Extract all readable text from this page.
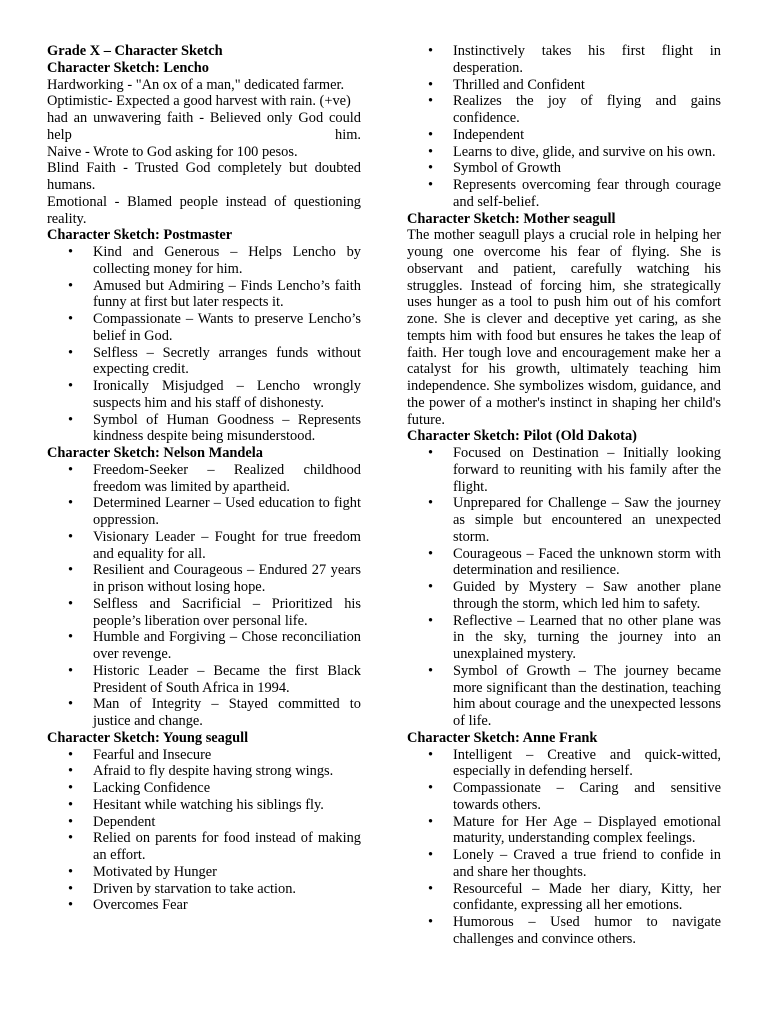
Grade X – Character Sketch

Character Sketch: Lencho

Hardworking - "An ox of a man," dedicated farmer.

Optimistic- Expected a good harvest with rain. (+ve)

had an unwavering faith - Believed only God could help him.

Naive - Wrote to God asking for 100 pesos.

Blind Faith - Trusted God completely but doubted humans.

Emotional - Blamed people instead of questioning reality.

Character Sketch: Postmaster

• Kind and Generous – Helps Lencho by collecting money for him.
• Amused but Admiring – Finds Lencho’s faith funny at first but later respects it.
• Compassionate – Wants to preserve Lencho’s belief in God.
• Selfless – Secretly arranges funds without expecting credit.
• Ironically Misjudged – Lencho wrongly suspects him and his staff of dishonesty.
• Symbol of Human Goodness – Represents kindness despite being misunderstood.

Character Sketch: Nelson Mandela

• Freedom-Seeker – Realized childhood freedom was limited by apartheid.
• Determined Learner – Used education to fight oppression.
• Visionary Leader – Fought for true freedom and equality for all.
• Resilient and Courageous – Endured 27 years in prison without losing hope.
• Selfless and Sacrificial – Prioritized his people’s liberation over personal life.
• Humble and Forgiving – Chose reconciliation over revenge.
• Historic Leader – Became the first Black President of South Africa in 1994.
• Man of Integrity – Stayed committed to justice and change.

Character Sketch: Young seagull

• Fearful and Insecure
• Afraid to fly despite having strong wings.
• Lacking Confidence
• Hesitant while watching his siblings fly.
• Dependent
• Relied on parents for food instead of making an effort.
• Motivated by Hunger
• Driven by starvation to take action.
• Overcomes Fear
• Instinctively takes his first flight in desperation.
• Thrilled and Confident
• Realizes the joy of flying and gains confidence.
• Independent
• Learns to dive, glide, and survive on his own.
• Symbol of Growth
• Represents overcoming fear through courage and self-belief.

Character Sketch: Mother seagull

The mother seagull plays a crucial role in helping her young one overcome his fear of flying. She is observant and patient, carefully watching his struggles. Instead of forcing him, she strategically uses hunger as a tool to push him out of his comfort zone. She is clever and deceptive yet caring, as she tempts him with food but ensures he takes the leap of faith. Her tough love and encouragement make her a catalyst for his growth, ultimately teaching him independence. She symbolizes wisdom, guidance, and the power of a mother's instinct in shaping her child's future.

Character Sketch: Pilot (Old Dakota)

• Focused on Destination – Initially looking forward to reuniting with his family after the flight.
• Unprepared for Challenge – Saw the journey as simple but encountered an unexpected storm.
• Courageous – Faced the unknown storm with determination and resilience.
• Guided by Mystery – Saw another plane through the storm, which led him to safety.
• Reflective – Learned that no other plane was in the sky, turning the journey into an unexplained mystery.
• Symbol of Growth – The journey became more significant than the destination, teaching him about courage and the unexpected lessons of life.

Character Sketch: Anne Frank

• Intelligent – Creative and quick-witted, especially in defending herself.
• Compassionate – Caring and sensitive towards others.
• Mature for Her Age – Displayed emotional maturity, understanding complex feelings.
• Lonely – Craved a true friend to confide in and share her thoughts.
• Resourceful – Made her diary, Kitty, her confidante, expressing all her emotions.
• Humorous – Used humor to navigate challenges and convince others.
